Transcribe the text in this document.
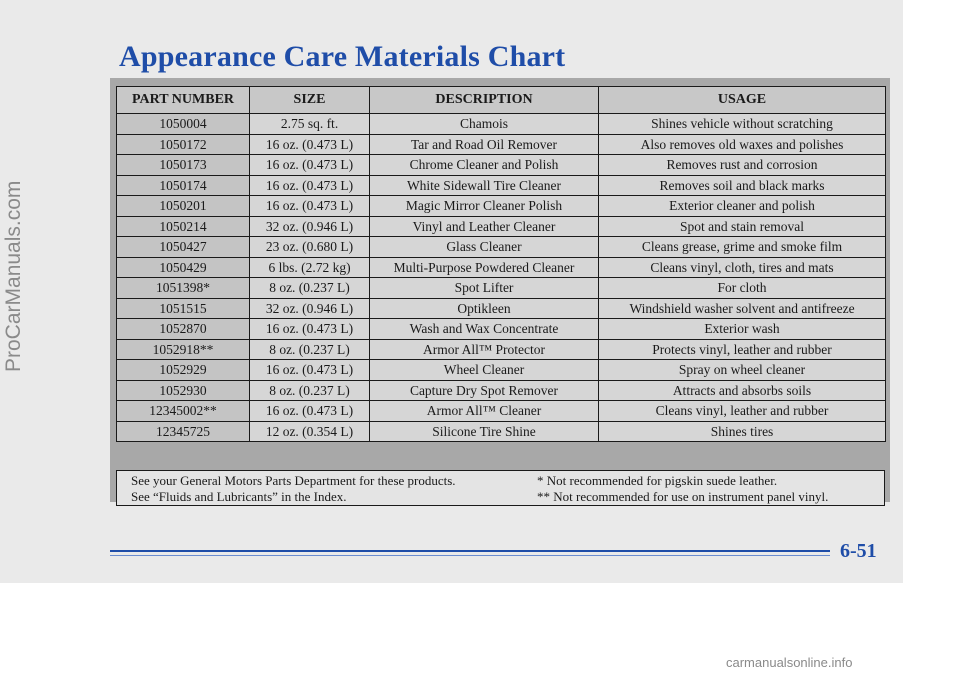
Appearance Care Materials Chart
PART NUMBER	SIZE	DESCRIPTION	USAGE
1050004	2.75 sq. ft.	Chamois	Shines vehicle without scratching
1050172	16 oz. (0.473 L)	Tar and Road Oil Remover	Also removes old waxes and polishes
1050173	16 oz. (0.473 L)	Chrome Cleaner and Polish	Removes rust and corrosion
1050174	16 oz. (0.473 L)	White Sidewall Tire Cleaner	Removes soil and black marks
1050201	16 oz. (0.473 L)	Magic Mirror Cleaner Polish	Exterior cleaner and polish
1050214	32 oz. (0.946 L)	Vinyl and Leather Cleaner	Spot and stain removal
1050427	23 oz. (0.680 L)	Glass Cleaner	Cleans grease, grime and smoke film
1050429	6 lbs. (2.72 kg)	Multi-Purpose Powdered Cleaner	Cleans vinyl, cloth, tires and mats
1051398*	8 oz. (0.237 L)	Spot Lifter	For cloth
1051515	32 oz. (0.946 L)	Optikleen	Windshield washer solvent and antifreeze
1052870	16 oz. (0.473 L)	Wash and Wax Concentrate	Exterior wash
1052918**	8 oz. (0.237 L)	Armor All™ Protector	Protects vinyl, leather and rubber
1052929	16 oz. (0.473 L)	Wheel Cleaner	Spray on wheel cleaner
1052930	8 oz. (0.237 L)	Capture Dry Spot Remover	Attracts and absorbs soils
12345002**	16 oz. (0.473 L)	Armor All™ Cleaner	Cleans vinyl, leather and rubber
12345725	12 oz. (0.354 L)	Silicone Tire Shine	Shines tires
See your General Motors Parts Department for these products.
See “Fluids and Lubricants” in the Index.
* Not recommended for pigskin suede leather.
** Not recommended for use on instrument panel vinyl.
6-51
ProCarManuals.com
carmanualsonline.info
